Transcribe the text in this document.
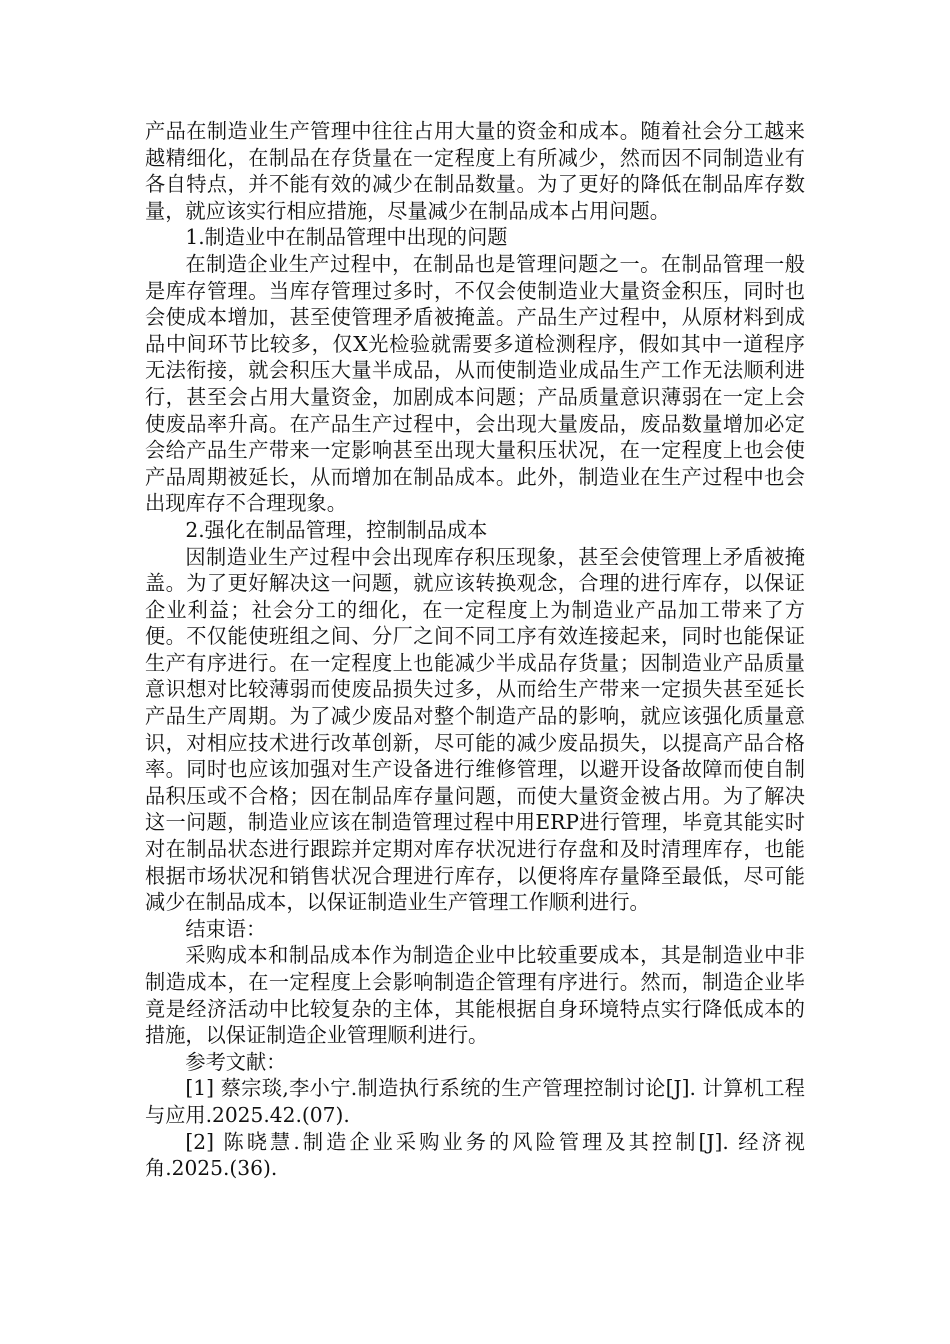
产品在制造业生产管理中往往占用大量的资金和成本。随着社会分工越来越精细化，在制品在存货量在一定程度上有所减少，然而因不同制造业有各自特点，并不能有效的减少在制品数量。为了更好的降低在制品库存数量，就应该实行相应措施，尽量减少在制品成本占用问题。

1.制造业中在制品管理中出现的问题

在制造企业生产过程中，在制品也是管理问题之一。在制品管理一般是库存管理。当库存管理过多时，不仅会使制造业大量资金积压，同时也会使成本增加，甚至使管理矛盾被掩盖。产品生产过程中，从原材料到成品中间环节比较多，仅X光检验就需要多道检测程序，假如其中一道程序无法衔接，就会积压大量半成品，从而使制造业成品生产工作无法顺利进行，甚至会占用大量资金，加剧成本问题；产品质量意识薄弱在一定上会使废品率升高。在产品生产过程中，会出现大量废品，废品数量增加必定会给产品生产带来一定影响甚至出现大量积压状况，在一定程度上也会使产品周期被延长，从而增加在制品成本。此外，制造业在生产过程中也会出现库存不合理现象。

2.强化在制品管理，控制制品成本

因制造业生产过程中会出现库存积压现象，甚至会使管理上矛盾被掩盖。为了更好解决这一问题，就应该转换观念，合理的进行库存，以保证企业利益；社会分工的细化，在一定程度上为制造业产品加工带来了方便。不仅能使班组之间、分厂之间不同工序有效连接起来，同时也能保证生产有序进行。在一定程度上也能减少半成品存货量；因制造业产品质量意识想对比较薄弱而使废品损失过多，从而给生产带来一定损失甚至延长产品生产周期。为了减少废品对整个制造产品的影响，就应该强化质量意识，对相应技术进行改革创新，尽可能的减少废品损失，以提高产品合格率。同时也应该加强对生产设备进行维修管理，以避开设备故障而使自制品积压或不合格；因在制品库存量问题，而使大量资金被占用。为了解决这一问题，制造业应该在制造管理过程中用ERP进行管理，毕竟其能实时对在制品状态进行跟踪并定期对库存状况进行存盘和及时清理库存，也能根据市场状况和销售状况合理进行库存，以便将库存量降至最低，尽可能减少在制品成本，以保证制造业生产管理工作顺利进行。

结束语：

采购成本和制品成本作为制造企业中比较重要成本，其是制造业中非制造成本，在一定程度上会影响制造企管理有序进行。然而，制造企业毕竟是经济活动中比较复杂的主体，其能根据自身环境特点实行降低成本的措施，以保证制造企业管理顺利进行。

参考文献：

[1] 蔡宗琰,李小宁.制造执行系统的生产管理控制讨论[J]. 计算机工程与应用.2025.42.(07).

[2] 陈晓慧.制造企业采购业务的风险管理及其控制[J]. 经济视角.2025.(36).
